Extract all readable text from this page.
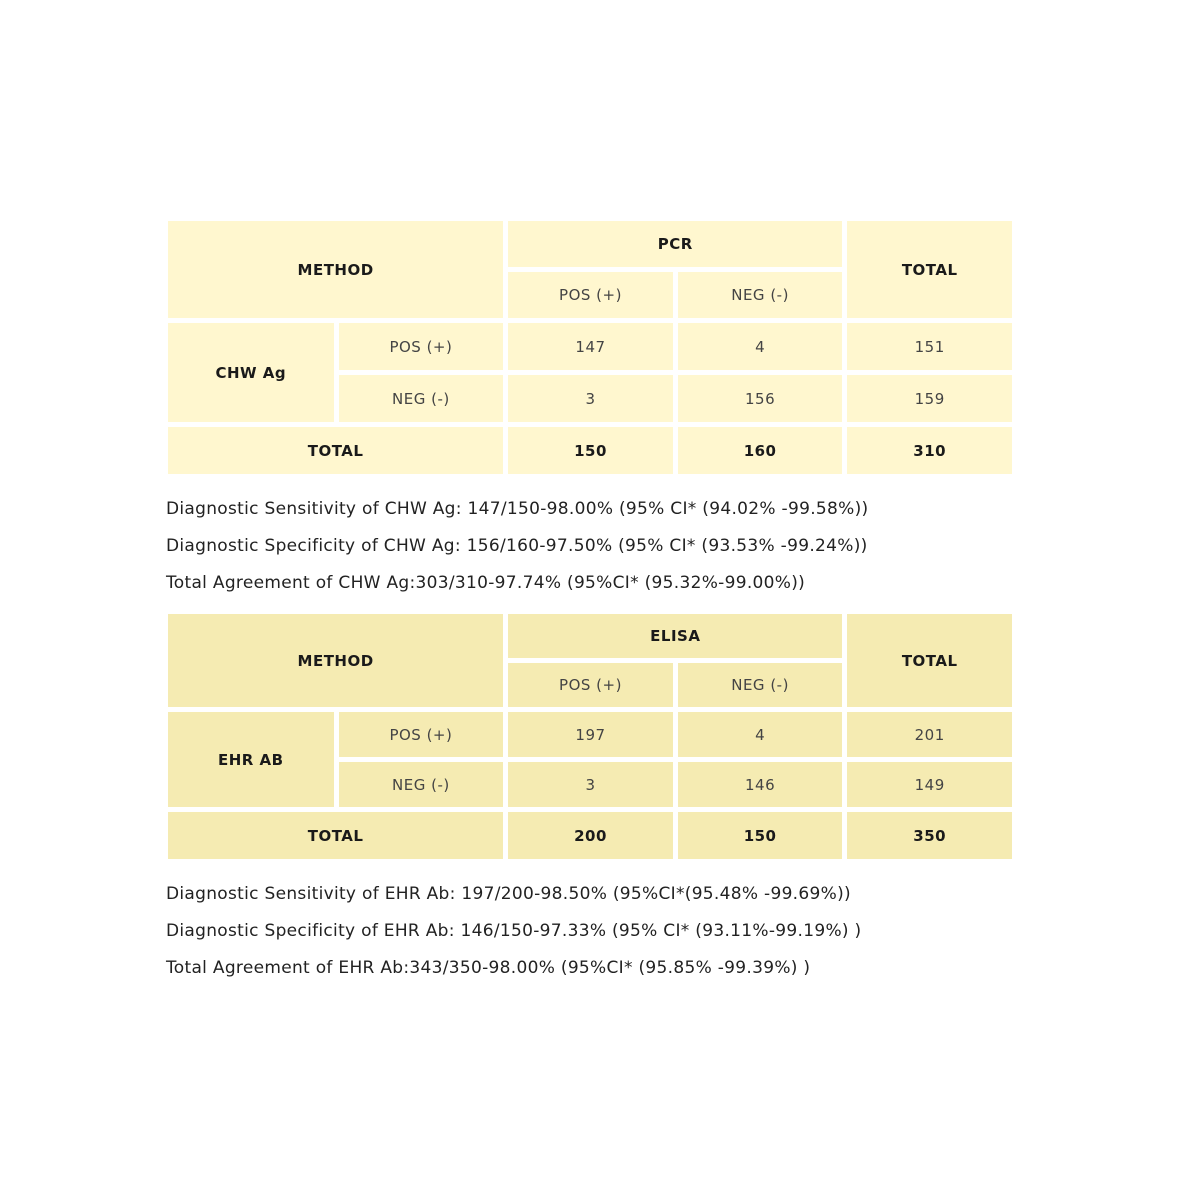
METHOD		PCR		TOTAL
		POS (+)	NEG (-)	
CHW Ag	POS (+)	147	4	151
	NEG (-)	3	156	159
TOTAL		150	160	310
Diagnostic Sensitivity of CHW Ag: 147/150-98.00% (95% CI* (94.02% -99.58%))
Diagnostic Specificity of CHW Ag: 156/160-97.50% (95% CI* (93.53% -99.24%))
Total Agreement of CHW Ag:303/310-97.74% (95%CI* (95.32%-99.00%))
METHOD		ELISA		TOTAL
		POS (+)	NEG (-)	
EHR AB	POS (+)	197	4	201
	NEG (-)	3	146	149
TOTAL		200	150	350
Diagnostic Sensitivity of EHR Ab: 197/200-98.50% (95%CI*(95.48% -99.69%))
Diagnostic Specificity of EHR Ab: 146/150-97.33% (95% CI* (93.11%-99.19%) )
Total Agreement of EHR Ab:343/350-98.00% (95%CI* (95.85% -99.39%) )
